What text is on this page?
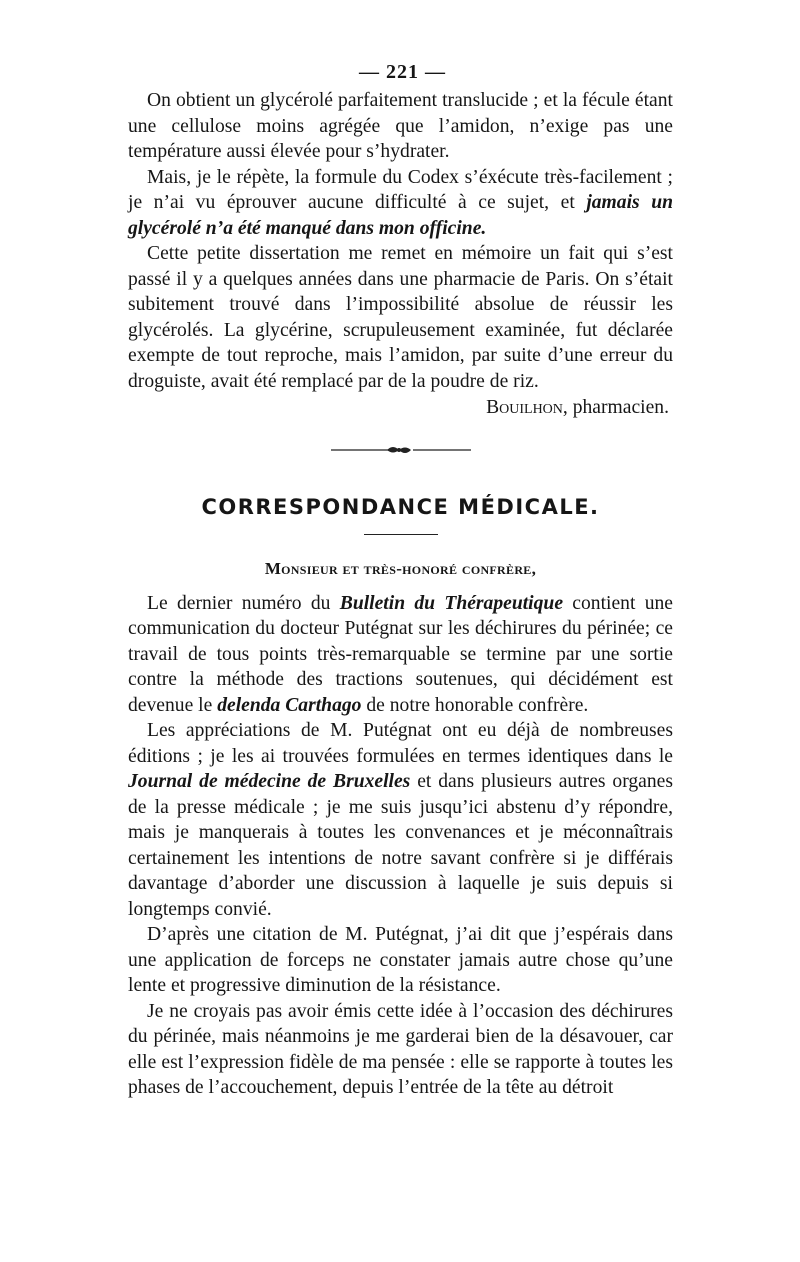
— 221 —

On obtient un glycérolé parfaitement translucide ; et la fécule étant une cellulose moins agrégée que l’amidon, n’exige pas une température aussi élevée pour s’hydrater.

Mais, je le répète, la formule du Codex s’éxécute très-facilement ; je n’ai vu éprouver aucune difficulté à ce sujet, et jamais un glycérolé n’a été manqué dans mon officine.

Cette petite dissertation me remet en mémoire un fait qui s’est passé il y a quelques années dans une pharmacie de Paris. On s’était subitement trouvé dans l’impossibilité absolue de réussir les glycérolés. La glycérine, scrupuleusement examinée, fut déclarée exempte de tout reproche, mais l’amidon, par suite d’une erreur du droguiste, avait été remplacé par de la poudre de riz.

Bouilhon, pharmacien.
CORRESPONDANCE MÉDICALE.
Monsieur et très-honoré confrère,

Le dernier numéro du Bulletin du Thérapeutique contient une communication du docteur Putégnat sur les déchirures du périnée; ce travail de tous points très-remarquable se termine par une sortie contre la méthode des tractions soutenues, qui décidément est devenue le delenda Carthago de notre honorable confrère.

Les appréciations de M. Putégnat ont eu déjà de nombreuses éditions ; je les ai trouvées formulées en termes identiques dans le Journal de médecine de Bruxelles et dans plusieurs autres organes de la presse médicale ; je me suis jusqu’ici abstenu d’y répondre, mais je manquerais à toutes les convenances et je méconnaîtrais certainement les intentions de notre savant confrère si je différais davantage d’aborder une discussion à laquelle je suis depuis si longtemps convié.

D’après une citation de M. Putégnat, j’ai dit que j’espérais dans une application de forceps ne constater jamais autre chose qu’une lente et progressive diminution de la résistance.

Je ne croyais pas avoir émis cette idée à l’occasion des déchirures du périnée, mais néanmoins je me garderai bien de la désavouer, car elle est l’expression fidèle de ma pensée : elle se rapporte à toutes les phases de l’accouchement, depuis l’entrée de la tête au détroit
